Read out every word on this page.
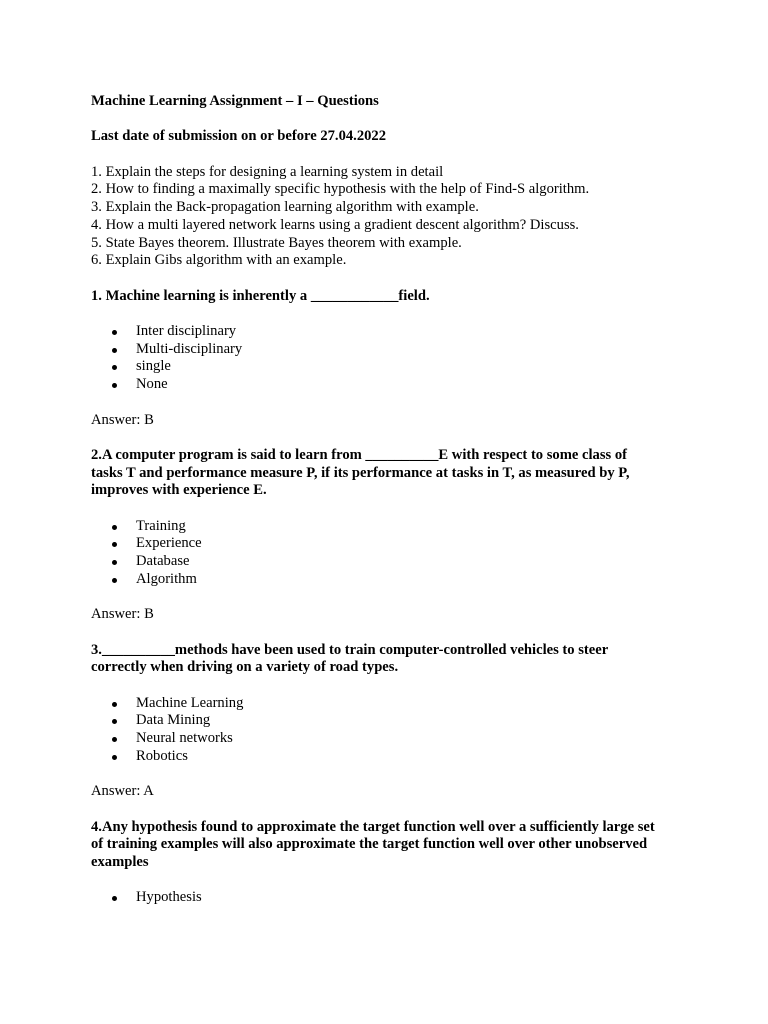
Machine Learning Assignment – I – Questions
Last date of submission on or before 27.04.2022
1. Explain the steps for designing a learning system in detail
2. How to finding a maximally specific hypothesis with the help of Find-S algorithm.
3. Explain the Back-propagation learning algorithm with example.
4. How a multi layered network learns using a gradient descent algorithm? Discuss.
5. State Bayes theorem. Illustrate Bayes theorem with example.
6. Explain Gibs algorithm with an example.
1. Machine learning is inherently a ____________field.
Inter disciplinary
Multi-disciplinary
single
None
Answer: B
2.A computer program is said to learn from __________E with respect to some class of
tasks T and performance measure P, if its performance at tasks in T, as measured by P,
improves with experience E.
Training
Experience
Database
Algorithm
Answer: B
3.__________methods have been used to train computer-controlled vehicles to steer
correctly when driving on a variety of road types.
Machine Learning
Data Mining
Neural networks
Robotics
Answer: A
4.Any hypothesis found to approximate the target function well over a sufficiently large set
of training examples will also approximate the target function well over other unobserved
examples
Hypothesis
